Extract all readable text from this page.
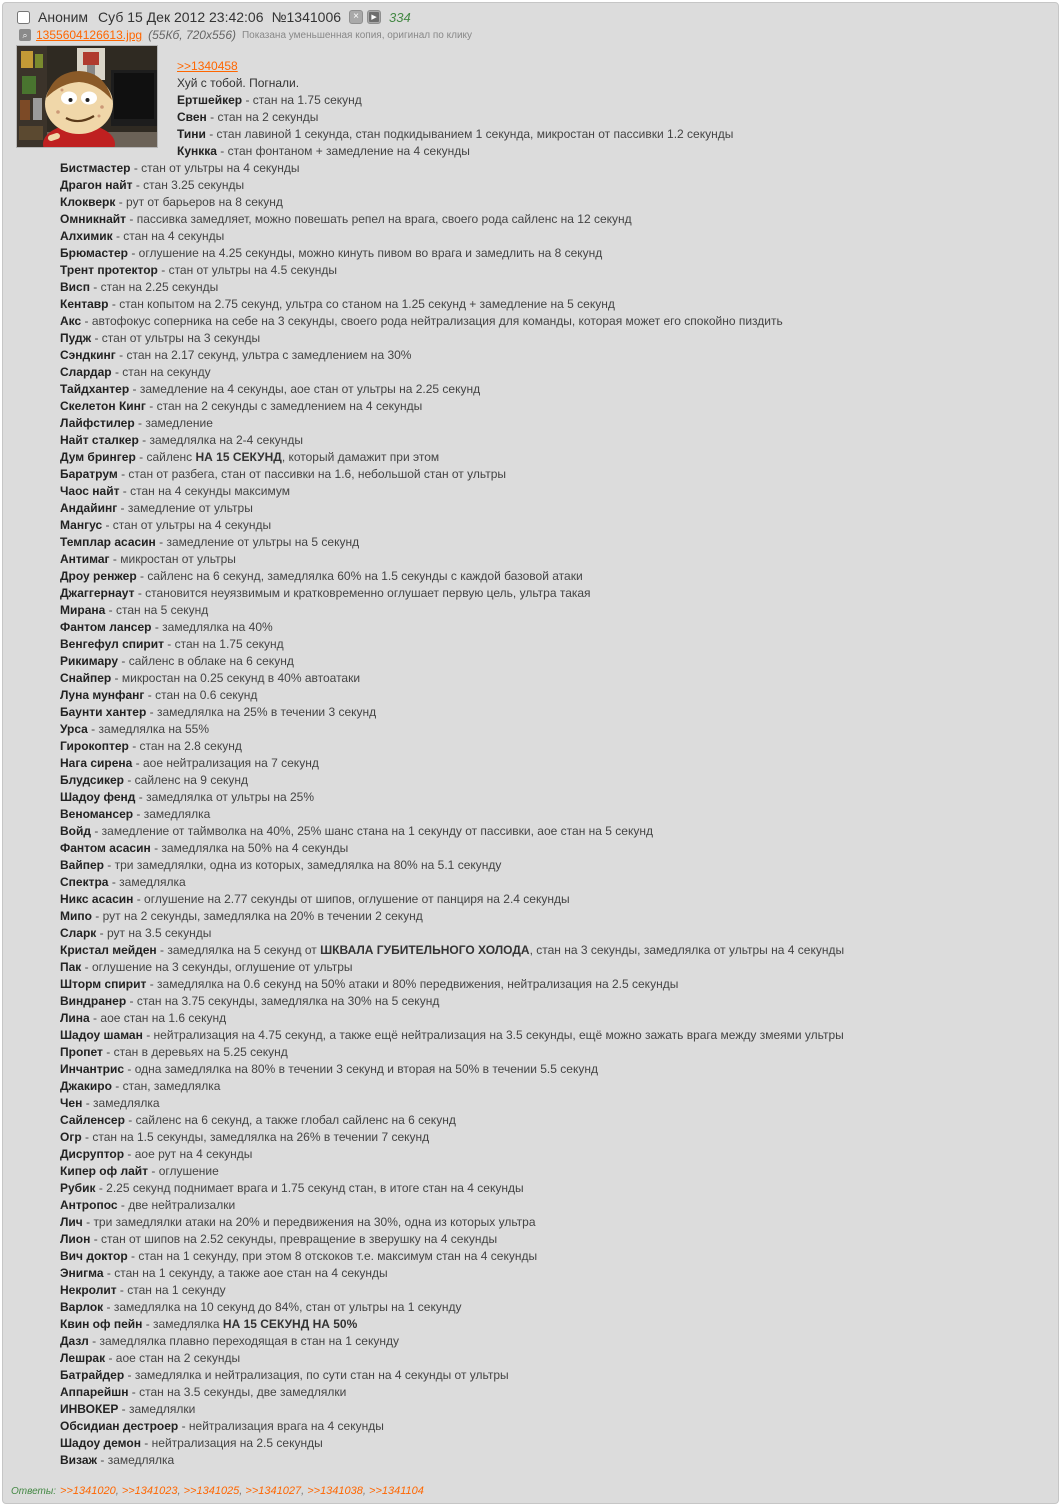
Аноним Суб 15 Дек 2012 23:42:06 №1341006 × ▶ 334
⌕ 1355604126613.jpg (55Кб, 720x556) Показана уменьшенная копия, оригинал по клику
>>1340458
Хуй с тобой. Погнали.
Ертшейкер - стан на 1.75 секунд
Свен - стан на 2 секунды
Тини - стан лавиной 1 секунда, стан подкидыванием 1 секунда, микростан от пассивки 1.2 секунды
Кункка - стан фонтаном + замедление на 4 секунды
Бистмастер - стан от ультры на 4 секунды
Драгон найт - стан 3.25 секунды
Клокверк - рут от барьеров на 8 секунд
Омникнайт - пассивка замедляет, можно повешать репел на врага, своего рода сайленс на 12 секунд
Алхимик - стан на 4 секунды
Брюмастер - оглушение на 4.25 секунды, можно кинуть пивом во врага и замедлить на 8 секунд
Трент протектор - стан от ультры на 4.5 секунды
Висп - стан на 2.25 секунды
Кентавр - стан копытом на 2.75 секунд, ультра со станом на 1.25 секунд + замедление на 5 секунд
Акс - автофокус соперника на себе на 3 секунды, своего рода нейтрализация для команды, которая может его спокойно пиздить
Пудж - стан от ультры на 3 секунды
Сэндкинг - стан на 2.17 секунд, ультра с замедлением на 30%
Слардар - стан на секунду
Тайдхантер - замедление на 4 секунды, аое стан от ультры на 2.25 секунд
Скелетон Кинг - стан на 2 секунды с замедлением на 4 секунды
Лайфстилер - замедление
Найт сталкер - замедлялка на 2-4 секунды
Дум брингер - сайленс НА 15 СЕКУНД, который дамажит при этом
Баратрум - стан от разбега, стан от пассивки на 1.6, небольшой стан от ультры
Чаос найт - стан на 4 секунды максимум
Андайинг - замедление от ультры
Мангус - стан от ультры на 4 секунды
Темплар асасин - замедление от ультры на 5 секунд
Антимаг - микростан от ультры
Дроу ренжер - сайленс на 6 секунд, замедлялка 60% на 1.5 секунды с каждой базовой атаки
Джаггернаут - становится неуязвимым и кратковременно оглушает первую цель, ультра такая
Мирана - стан на 5 секунд
Фантом лансер - замедлялка на 40%
Венгефул спирит - стан на 1.75 секунд
Рикимару - сайленс в облаке на 6 секунд
Снайпер - микростан на 0.25 секунд в 40% автоатаки
Луна мунфанг - стан на 0.6 секунд
Баунти хантер - замедлялка на 25% в течении 3 секунд
Урса - замедлялка на 55%
Гирокоптер - стан на 2.8 секунд
Нага сирена - аое нейтрализация на 7 секунд
Блудсикер - сайленс на 9 секунд
Шадоу фенд - замедлялка от ультры на 25%
Веномансер - замедлялка
Войд - замедление от таймволка на 40%, 25% шанс стана на 1 секунду от пассивки, аое стан на 5 секунд
Фантом асасин - замедлялка на 50% на 4 секунды
Вайпер - три замедлялки, одна из которых, замедлялка на 80% на 5.1 секунду
Спектра - замедлялка
Никс асасин - оглушение на 2.77 секунды от шипов, оглушение от панциря на 2.4 секунды
Мипо - рут на 2 секунды, замедлялка на 20% в течении 2 секунд
Сларк - рут на 3.5 секунды
Кристал мейден - замедлялка на 5 секунд от ШКВАЛА ГУБИТЕЛЬНОГО ХОЛОДА, стан на 3 секунды, замедлялка от ультры на 4 секунды
Пак - оглушение на 3 секунды, оглушение от ультры
Шторм спирит - замедлялка на 0.6 секунд на 50% атаки и 80% передвижения, нейтрализация на 2.5 секунды
Виндранер - стан на 3.75 секунды, замедлялка на 30% на 5 секунд
Лина - аое стан на 1.6 секунд
Шадоу шаман - нейтрализация на 4.75 секунд, а также ещё нейтрализация на 3.5 секунды, ещё можно зажать врага между змеями ультры
Пропет - стан в деревьях на 5.25 секунд
Инчантрис - одна замедлялка на 80% в течении 3 секунд и вторая на 50% в течении 5.5 секунд
Джакиро - стан, замедлялка
Чен - замедлялка
Сайленсер - сайленс на 6 секунд, а также глобал сайленс на 6 секунд
Огр - стан на 1.5 секунды, замедлялка на 26% в течении 7 секунд
Дисруптор - аое рут на 4 секунды
Кипер оф лайт - оглушение
Рубик - 2.25 секунд поднимает врага и 1.75 секунд стан, в итоге стан на 4 секунды
Антропос - две нейтрализалки
Лич - три замедлялки атаки на 20% и передвижения на 30%, одна из которых ультра
Лион - стан от шипов на 2.52 секунды, превращение в зверушку на 4 секунды
Вич доктор - стан на 1 секунду, при этом 8 отскоков т.е. максимум стан на 4 секунды
Энигма - стан на 1 секунду, а также аое стан на 4 секунды
Некролит - стан на 1 секунду
Варлок - замедлялка на 10 секунд до 84%, стан от ультры на 1 секунду
Квин оф пейн - замедлялка НА 15 СЕКУНД НА 50%
Дазл - замедлялка плавно переходящая в стан на 1 секунду
Лешрак - аое стан на 2 секунды
Батрайдер - замедлялка и нейтрализация, по сути стан на 4 секунды от ультры
Аппарейшн - стан на 3.5 секунды, две замедлялки
ИНВОКЕР - замедлялки
Обсидиан дестроер - нейтрализация врага на 4 секунды
Шадоу демон - нейтрализация на 2.5 секунды
Визаж - замедлялка
Ответы: >>1341020, >>1341023, >>1341025, >>1341027, >>1341038, >>1341104
